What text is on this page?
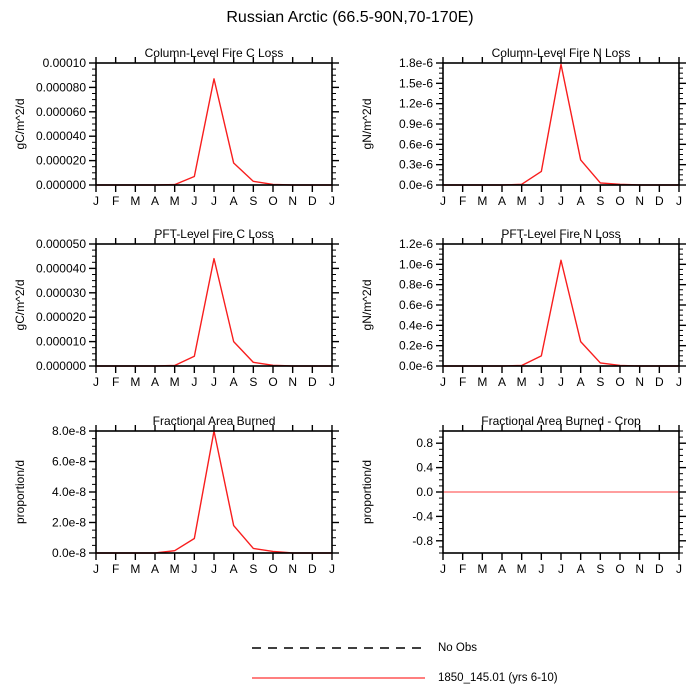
Russian Arctic (66.5-90N,70-170E)
Column-Level Fire C Loss
gC/m^2/d
0.000000
0.000020
0.000040
0.000060
0.000080
0.00010
J F M A M J J A S O N D J
Column-Level Fire N Loss
gN/m^2/d
0.0e-6
0.3e-6
0.6e-6
0.9e-6
1.2e-6
1.5e-6
1.8e-6
J F M A M J J A S O N D J
PFT-Level Fire C Loss
gC/m^2/d
0.000000
0.000010
0.000020
0.000030
0.000040
0.000050
J F M A M J J A S O N D J
PFT-Level Fire N Loss
gN/m^2/d
0.0e-6
0.2e-6
0.4e-6
0.6e-6
0.8e-6
1.0e-6
1.2e-6
J F M A M J J A S O N D J
Fractional Area Burned
proportion/d
0.0e-8
2.0e-8
4.0e-8
6.0e-8
8.0e-8
J F M A M J J A S O N D J
Fractional Area Burned - Crop
proportion/d
-0.8
-0.4
0.0
0.4
0.8
J F M A M J J A S O N D J
No Obs
1850_145.01 (yrs 6-10)
